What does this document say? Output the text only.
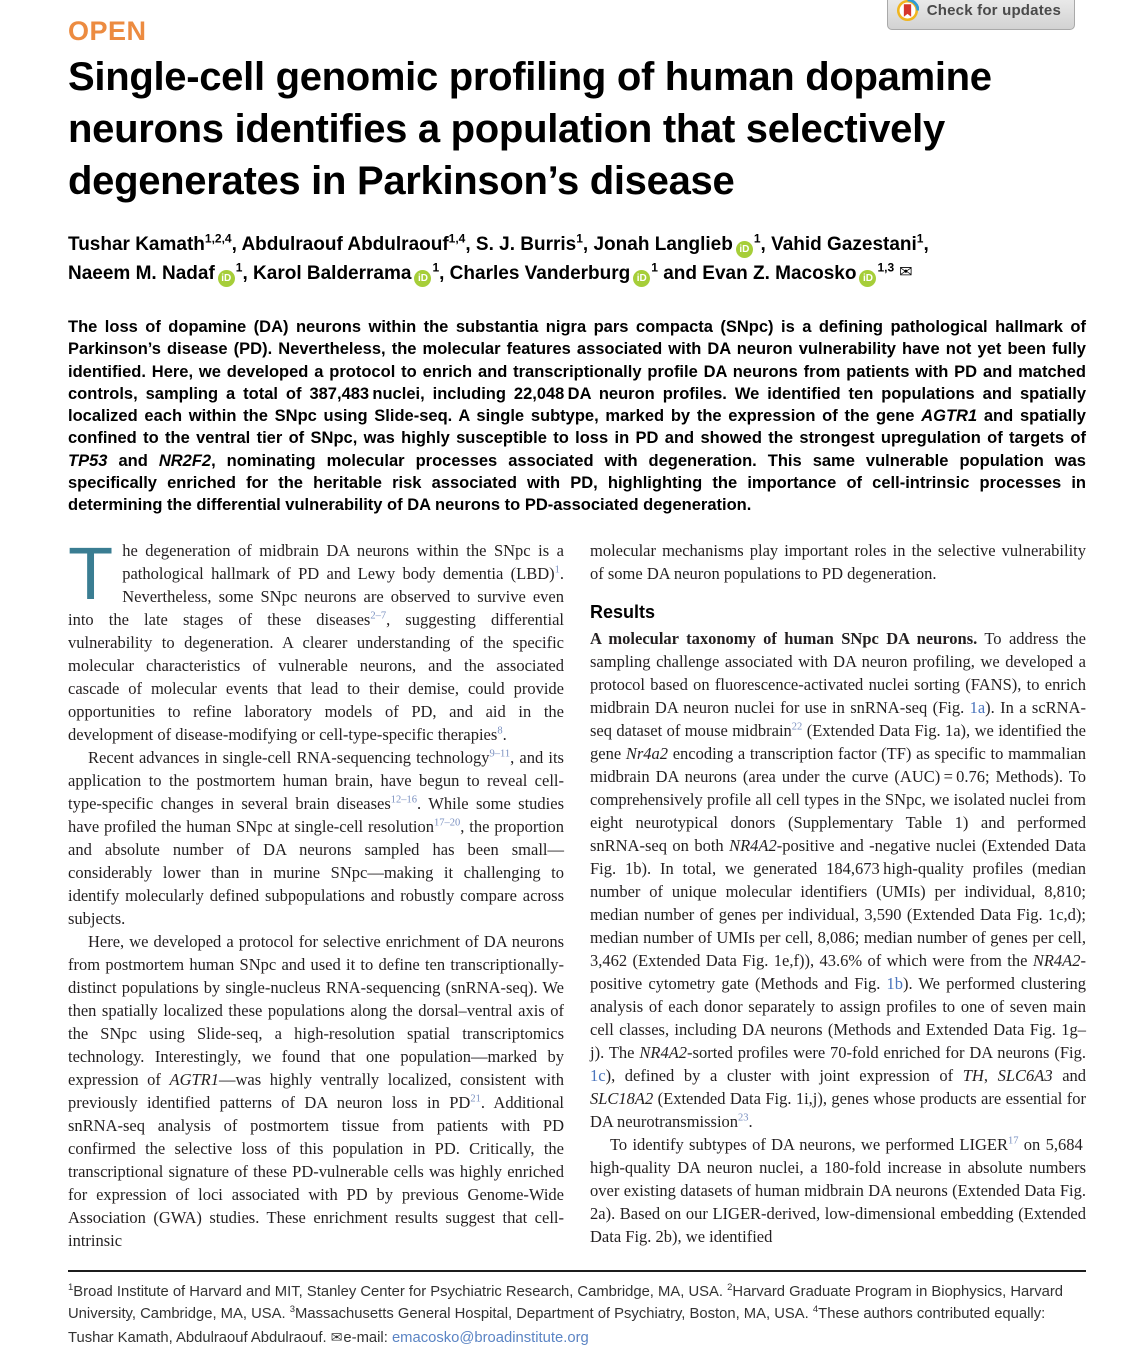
Check for updates
OPEN
Single-cell genomic profiling of human dopamine
neurons identifies a population that selectively
degenerates in Parkinson’s disease

Tushar Kamath$^{1,2,4}$, Abdulraouf Abdulraouf$^{1,4}$, S. J. Burris$^1$, Jonah Langlieb $iD^1$, Vahid Gazestani$^1$,
Naeem M. Nadaf $iD^1$, Karol Balderrama $iD^1$, Charles Vanderburg $iD^1$ and Evan Z. Macosko iD$^{1,3}$ ✉

The loss of dopamine (DA) neurons within the substantia nigra pars compacta (SNpc) is a defining pathological hallmark of Parkinson’s disease (PD). Nevertheless, the molecular features associated with DA neuron vulnerability have not yet been fully identified. Here, we developed a protocol to enrich and transcriptionally profile DA neurons from patients with PD and matched controls, sampling a total of 387,483 nuclei, including 22,048 DA neuron profiles. We identified ten populations and spatially localized each within the SNpc using Slide-seq. A single subtype, marked by the expression of the gene AGTR1 and spatially confined to the ventral tier of SNpc, was highly susceptible to loss in PD and showed the strongest upregulation of targets of TP53 and NR2F2, nominating molecular processes associated with degeneration. This same vulnerable population was specifically enriched for the heritable risk associated with PD, highlighting the importance of cell-intrinsic processes in determining the differential vulnerability of DA neurons to PD-associated degeneration.

The degeneration of midbrain DA neurons within the SNpc is a pathological hallmark of PD and Lewy body dementia (LBD)$^1$. Nevertheless, some SNpc neurons are observed to survive even into the late stages of these diseases$^{2-7}$, suggesting differential vulnerability to degeneration. A clearer understanding of the specific molecular characteristics of vulnerable neurons, and the associated cascade of molecular events that lead to their demise, could provide opportunities to refine laboratory models of PD, and aid in the development of disease-modifying or cell-type-specific therapies$^8$.

Recent advances in single-cell RNA-sequencing technology$^{9-11}$, and its application to the postmortem human brain, have begun to reveal cell-type-specific changes in several brain diseases$^{12-16}$. While some studies have profiled the human SNpc at single-cell resolution$^{17-20}$, the proportion and absolute number of DA neurons sampled has been small—considerably lower than in murine SNpc—making it challenging to identify molecularly defined subpopulations and robustly compare across subjects.

Here, we developed a protocol for selective enrichment of DA neurons from postmortem human SNpc and used it to define ten transcriptionally-distinct populations by single-nucleus RNA-sequencing (snRNA-seq). We then spatially localized these populations along the dorsal–ventral axis of the SNpc using Slide-seq, a high-resolution spatial transcriptomics technology. Interestingly, we found that one population—marked by expression of AGTR1—was highly ventrally localized, consistent with previously identified patterns of DA neuron loss in PD$^{21}$. Additional snRNA-seq analysis of postmortem tissue from patients with PD confirmed the selective loss of this population in PD. Critically, the transcriptional signature of these PD-vulnerable cells was highly enriched for expression of loci associated with PD by previous Genome-Wide Association (GWA) studies. These enrichment results suggest that cell-intrinsic

molecular mechanisms play important roles in the selective vulnerability of some DA neuron populations to PD degeneration.

Results

A molecular taxonomy of human SNpc DA neurons. To address the sampling challenge associated with DA neuron profiling, we developed a protocol based on fluorescence-activated nuclei sorting (FANS), to enrich midbrain DA neuron nuclei for use in snRNA-seq (Fig. 1a). In a scRNA-seq dataset of mouse midbrain$^{22}$ (Extended Data Fig. 1a), we identified the gene Nr4a2 encoding a transcription factor (TF) as specific to mammalian midbrain DA neurons (area under the curve (AUC) = 0.76; Methods). To comprehensively profile all cell types in the SNpc, we isolated nuclei from eight neurotypical donors (Supplementary Table 1) and performed snRNA-seq on both NR4A2-positive and -negative nuclei (Extended Data Fig. 1b). In total, we generated 184,673 high-quality profiles (median number of unique molecular identifiers (UMIs) per individual, 8,810; median number of genes per individual, 3,590 (Extended Data Fig. 1c,d); median number of UMIs per cell, 8,086; median number of genes per cell, 3,462 (Extended Data Fig. 1e,f)), 43.6% of which were from the NR4A2-positive cytometry gate (Methods and Fig. 1b). We performed clustering analysis of each donor separately to assign profiles to one of seven main cell classes, including DA neurons (Methods and Extended Data Fig. 1g–j). The NR4A2-sorted profiles were 70-fold enriched for DA neurons (Fig. 1c), defined by a cluster with joint expression of TH, SLC6A3 and SLC18A2 (Extended Data Fig. 1i,j), genes whose products are essential for DA neurotransmission$^{23}$.

To identify subtypes of DA neurons, we performed LIGER$^{17}$ on 5,684 high-quality DA neuron nuclei, a 180-fold increase in absolute numbers over existing datasets of human midbrain DA neurons (Extended Data Fig. 2a). Based on our LIGER-derived, low-dimensional embedding (Extended Data Fig. 2b), we identified

$^1$Broad Institute of Harvard and MIT, Stanley Center for Psychiatric Research, Cambridge, MA, USA. $^2$Harvard Graduate Program in Biophysics, Harvard University, Cambridge, MA, USA. $^3$Massachusetts General Hospital, Department of Psychiatry, Boston, MA, USA. $^4$These authors contributed equally: Tushar Kamath, Abdulraouf Abdulraouf. ✉e-mail: emacosko@broadinstitute.org
